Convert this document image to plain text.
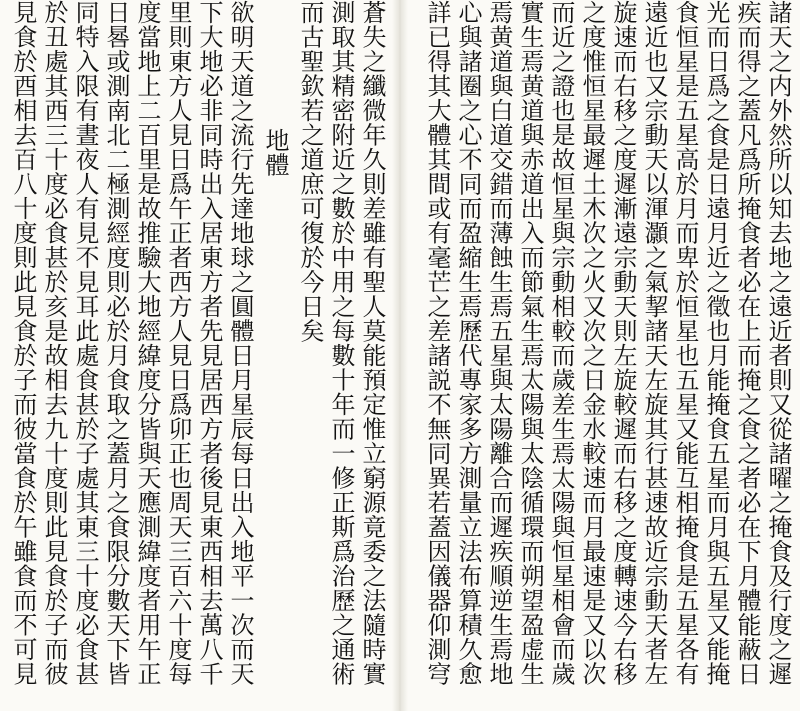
諸天之内外然所以知去地之遠近者則又從諸曜之掩食及行度之遲
疾而得之蓋凡爲所掩食者必在上而掩之食之者必在下月體能蔽日
光而日爲之食是日遠月近之徵也月能掩食五星而月與五星又能掩
食恒星是五星高於月而卑於恒星也五星又能互相掩食是五星各有
遠近也又宗動天以渾灝之氣挈諸天左旋其行甚速故近宗動天者左
旋速而右移之度遲漸遠宗動天則左旋較遲而右移之度轉速今右移
之度惟恒星最遲土木次之火又次之日金水較速而月最速是又以次
而近之證也是故恒星與宗動相較而歲差生焉太陽與恒星相會而歲
實生焉黄道與赤道出入而節氣生焉太陽與太陰循環而朔望盈虚生
焉黄道與白道交錯而薄蝕生焉五星與太陽離合而遲疾順逆生焉地
心與諸圈之心不同而盈縮生焉歷代專家多方測量立法布算積久愈
詳已得其大體其間或有毫芒之差諸説不無同異若蓋因儀器仰測穹
蒼失之纖微年久則差雖有聖人莫能預定惟立窮源竟委之法隨時實
測取其精密附近之數於中用之每數十年而一修正斯爲治歷之通術
而古聖欽若之道庶可復於今日矣
地體
欲明天道之流行先達地球之圓體日月星辰每日出入地平一次而天
下大地必非同時出入居東方者先見居西方者後見東西相去萬八千
里則東方人見日爲午正者西方人見日爲卯正也周天三百六十度每
度當地上二百里是故推驗大地經緯度分皆與天應測緯度者用午正
日晷或測南北二極測經度則必於月食取之蓋月之食限分數天下皆
同特入限有晝夜人有見不見耳此處食甚於子處其東三十度必食甚
於丑處其西三十度必食甚於亥是故相去九十度則此見食於子而彼
見食於酉相去百八十度則此見食於子而彼當食於午雖食而不可見
